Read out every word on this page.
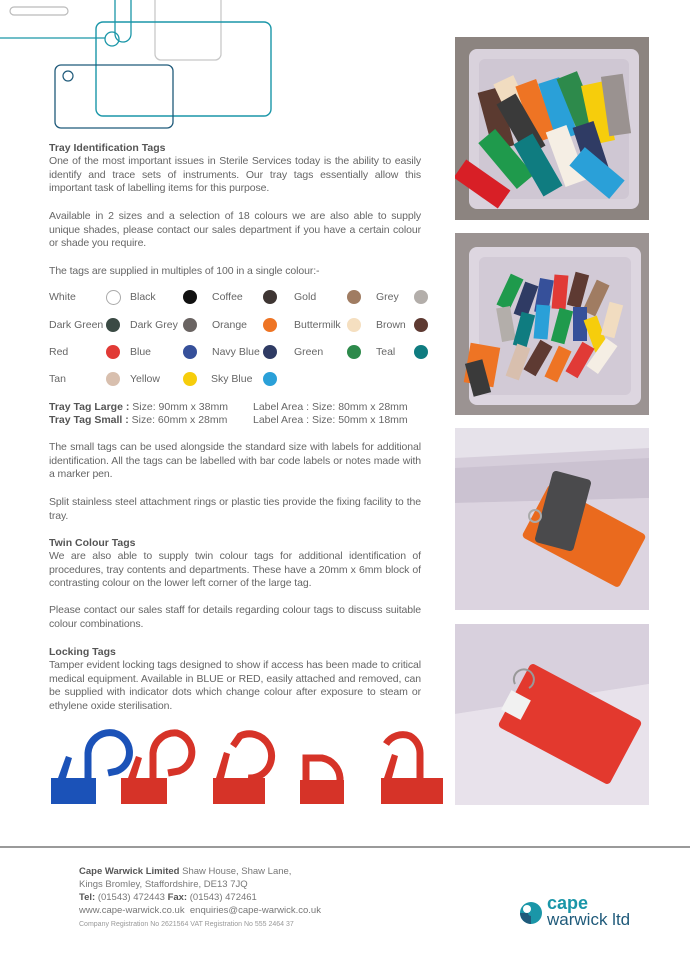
Tray Identification Tags
One of the most important issues in Sterile Services today is the ability to easily identify and trace sets of instruments. Our tray tags essentially allow this important task of labelling items for this purpose.
Available in 2 sizes and a selection of 18 colours we are also able to supply unique shades, please contact our sales department if you have a certain colour or shade you require.
The tags are supplied in multiples of 100 in a single colour:-
White	Black	Coffee	Gold	Grey
Dark Green	Dark Grey	Orange	Buttermilk	Brown
Red	Blue	Navy Blue	Green	Teal
Tan	Yellow	Sky Blue
Tray Tag Large : Size: 90mm x 38mm Label Area : Size: 80mm x 28mm
Tray Tag Small : Size: 60mm x 28mm Label Area : Size: 50mm x 18mm
The small tags can be used alongside the standard size with labels for additional identification. All the tags can be labelled with bar code labels or notes made with a marker pen.
Split stainless steel attachment rings or plastic ties provide the fixing facility to the tray.
Twin Colour Tags
We are also able to supply twin colour tags for additional identification of procedures, tray contents and departments. These have a 20mm x 6mm block of contrasting colour on the lower left corner of the large tag.
Please contact our sales staff for details regarding colour tags to discuss suitable colour combinations.
Locking Tags
Tamper evident locking tags designed to show if access has been made to critical medical equipment. Available in BLUE or RED, easily attached and removed, can be supplied with indicator dots which change colour after exposure to steam or ethylene oxide sterilisation.
Cape Warwick Limited Shaw House, Shaw Lane,
Kings Bromley, Staffordshire, DE13 7JQ
Tel: (01543) 472443 Fax: (01543) 472461
www.cape-warwick.co.uk enquiries@cape-warwick.co.uk
Company Registration No 2621564 VAT Registration No 555 2464 37
cape
warwick ltd
